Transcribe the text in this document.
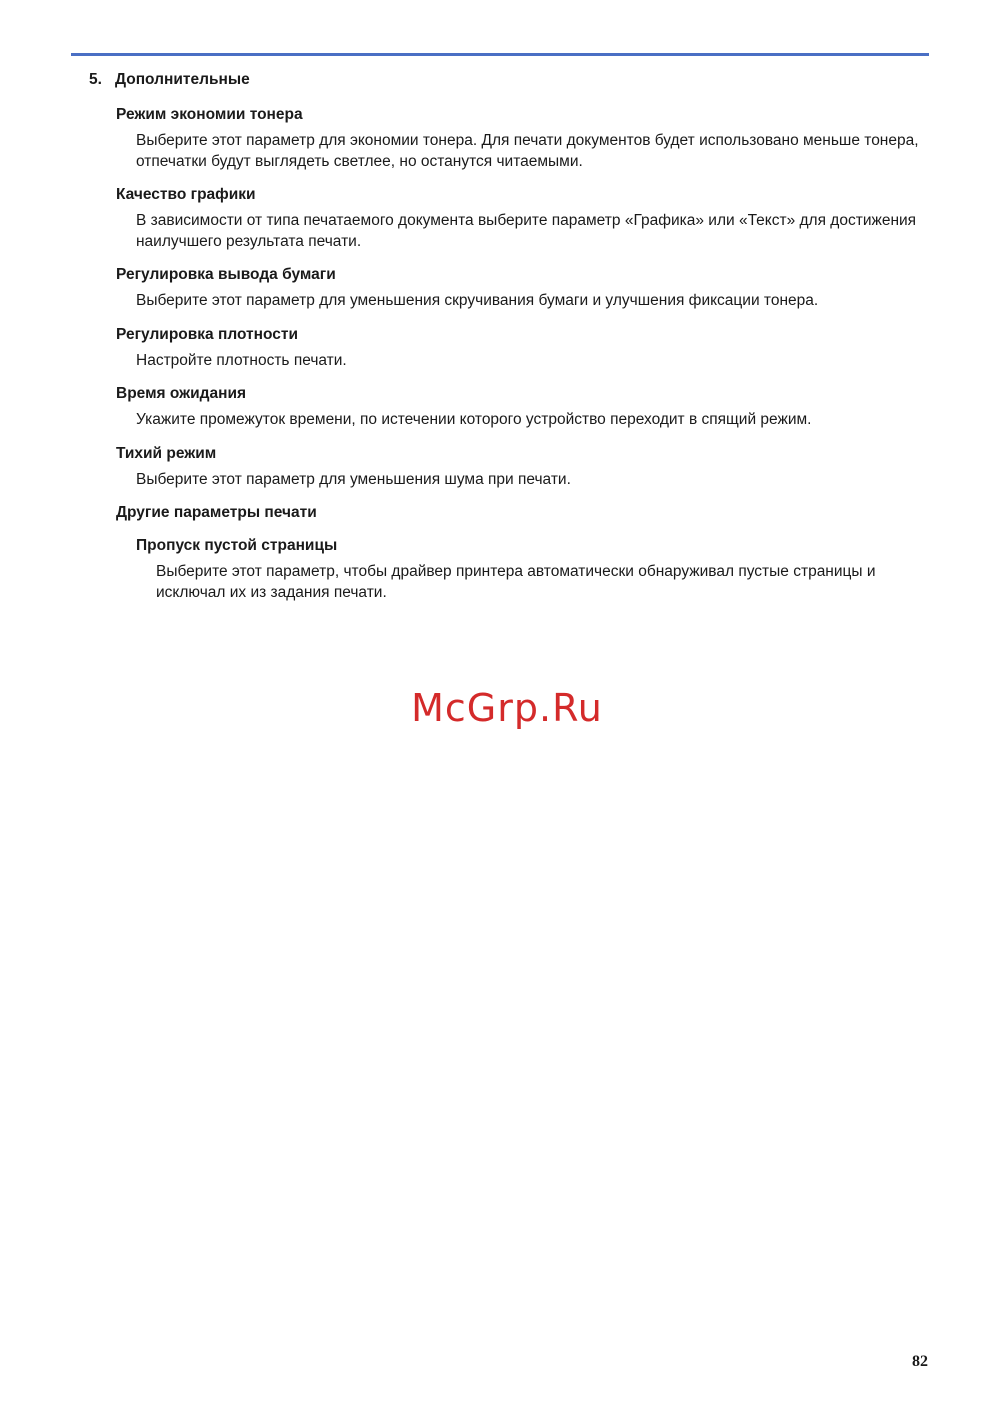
5. Дополнительные

Режим экономии тонера

Выберите этот параметр для экономии тонера. Для печати документов будет использовано меньше тонера, отпечатки будут выглядеть светлее, но останутся читаемыми.

Качество графики

В зависимости от типа печатаемого документа выберите параметр «Графика» или «Текст» для достижения наилучшего результата печати.

Регулировка вывода бумаги

Выберите этот параметр для уменьшения скручивания бумаги и улучшения фиксации тонера.

Регулировка плотности

Настройте плотность печати.

Время ожидания

Укажите промежуток времени, по истечении которого устройство переходит в спящий режим.

Тихий режим

Выберите этот параметр для уменьшения шума при печати.

Другие параметры печати

Пропуск пустой страницы

Выберите этот параметр, чтобы драйвер принтера автоматически обнаруживал пустые страницы и исключал их из задания печати.

McGrp.Ru
82
